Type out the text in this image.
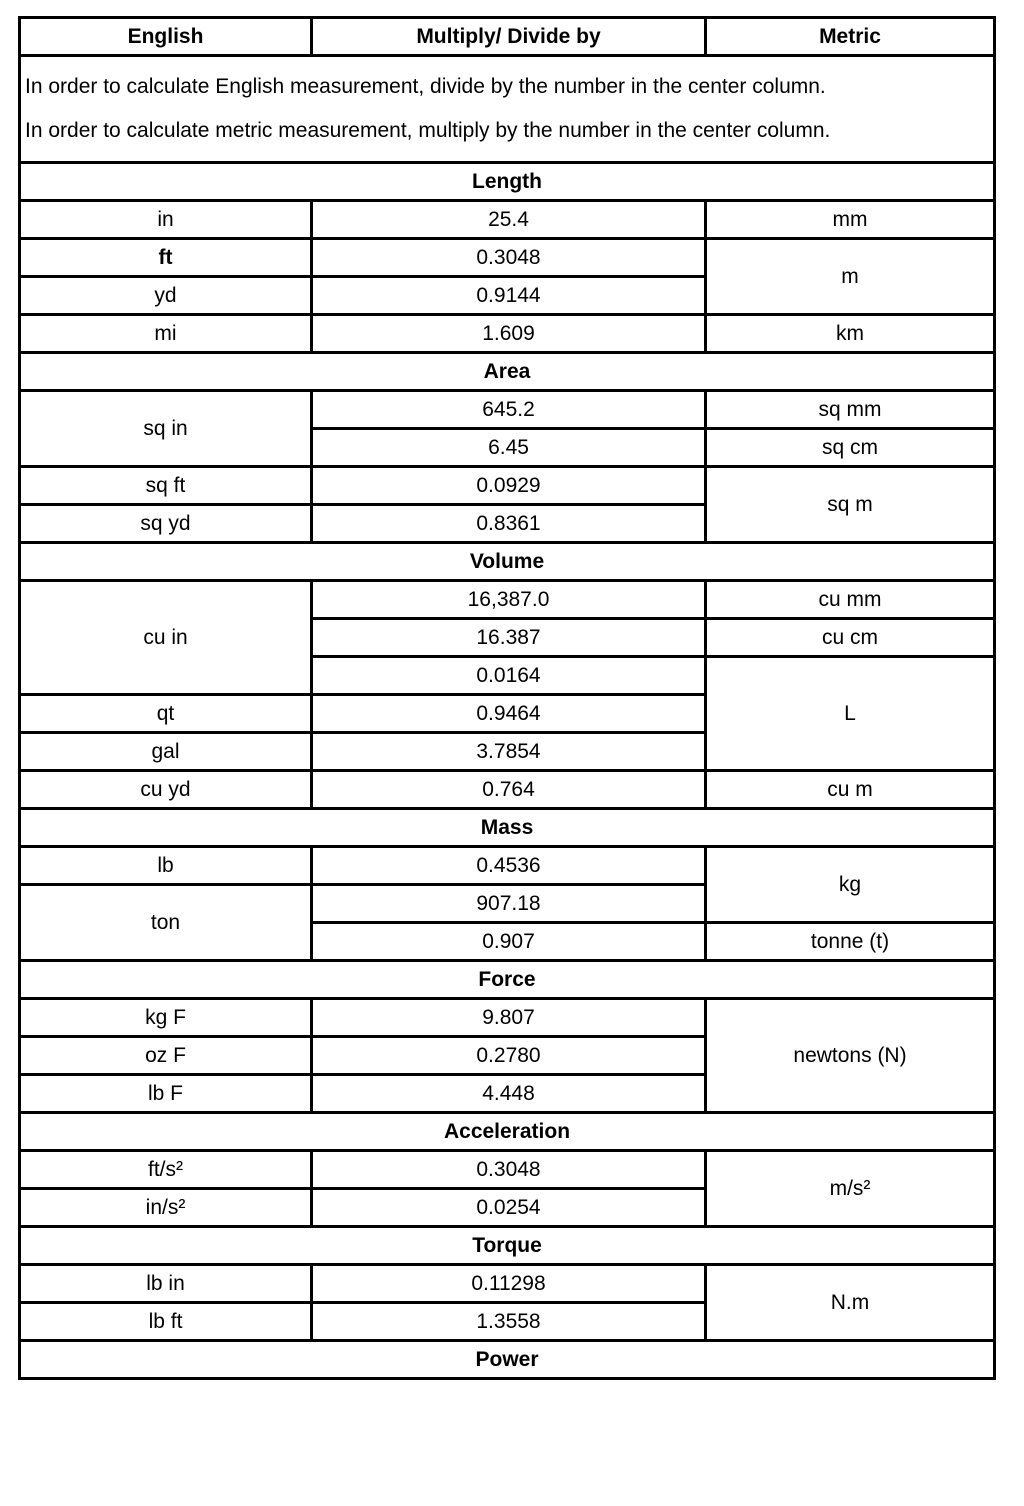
English	Multiply/ Divide by	Metric

In order to calculate English measurement, divide by the number in the center column.

In order to calculate metric measurement, multiply by the number in the center column.		

Length		
in	25.4	mm
ft	0.3048	m
yd	0.9144	
mi	1.609	km
Area		
sq in	645.2	sq mm
	6.45	sq cm
sq ft	0.0929	sq m
sq yd	0.8361	
Volume		
cu in	16,387.0	cu mm
	16.387	cu cm
	0.0164	L
qt	0.9464	
gal	3.7854	
cu yd	0.764	cu m
Mass		
lb	0.4536	kg
ton	907.18	
	0.907	tonne (t)
Force		
kg F	9.807	newtons (N)
oz F	0.2780	
lb F	4.448	
Acceleration		
ft/s²	0.3048	m/s²
in/s²	0.0254	
Torque		
lb in	0.11298	N.m
lb ft	1.3558	
Power		
